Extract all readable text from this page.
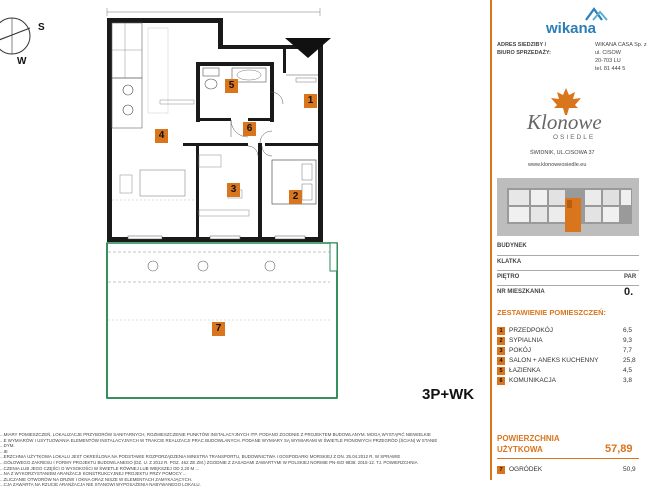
1
2
3
4
5
6
7
S
W
3P+WK
...MIARY POMIESZCZEŃ, LOKALIZACJE PRZYBORÓW SANITARNYCH, ROZMIESZCZENIE PUNKTÓW INSTALACYJNYCH ITP. PODANO ZGODNIE Z PROJEKTEM BUDOWLANYM. MOGĄ WYSTĄPIĆ NIEWIELKIE
...E WYMIARÓW I USYTUOWANIA ELEMENTÓW INSTALACYJNYCH W TRAKCIE REALIZACJI PRAC BUDOWLANYCH. PODANE WYMIARY SĄ WYMIARAMI W ŚWIETLE PIONOWYCH PRZEGRÓD (ŚCIAN) W STANIE
...DYM.
...IE
...ERZCHNIA UŻYTKOWA LOKALU JEST OKREŚLONA NA PODSTAWIE ROZPORZĄDZENIA MINISTRA TRANSPORTU, BUDOWNICTWA I GOSPODARKI MORSKIEJ Z DN. 25.04.2012 R. W SPRAWIE
...GÓŁOWEGO ZAKRESU I FORMY PROJEKTU BUDOWLANEGO (DZ. U. Z 2012 R. POZ. 462 ZE ZM.) ZGODNIE Z ZASADAMI ZAWARTYMI W POLSKIEJ NORMIE PN-ISO 9836: 2015-12. TJ. POWIERZCHNIA
...CZENIA LUB JEGO CZĘŚCI O WYSOKOŚCI W ŚWIETLE RÓWNEJ LUB WIĘKSZEJ OD 2,20 M ...
...NA Z WYKORZYSTANIEM ARANŻACJI KONSTRUKCYJNEJ PROJEKTU PRZY POMOCY ...
...ZLICZANIE OTWORÓW NA DRZWI I OKNA ORAZ NISZE W ELEMENTACH ZAMYKAJĄCYCH.
...CJA ZAWARTA NA RZUCIE ARANŻACJA NIE STANOWI WYPOSAŻENIA NABYWANEGO LOKALU.
wikana
ADRES SIEDZIBY /
BIURO SPRZEDAŻY:
WIKANA CASA Sp. z
ul. CISOW
20-703 LU
tel. 81 444 5
Klonowe
OSIEDLE
ŚWIDNIK, UL.CISOWA 37
www.klonoweosiedle.eu
BUDYNEK
KLATKA
PIĘTRO	PAR
NR MIESZKANIA	0.
ZESTAWIENIE POMIESZCZEŃ:
1 PRZEDPOKÓJ	6,5
2 SYPIALNIA	9,3
3 POKÓJ	7,7
4 SALON + ANEKS KUCHENNY	25,8
5 ŁAZIENKA	4,5
6 KOMUNIKACJA	3,8
POWIERZCHNIA
UŻYTKOWA	57,89
7 OGRÓDEK	50,9
